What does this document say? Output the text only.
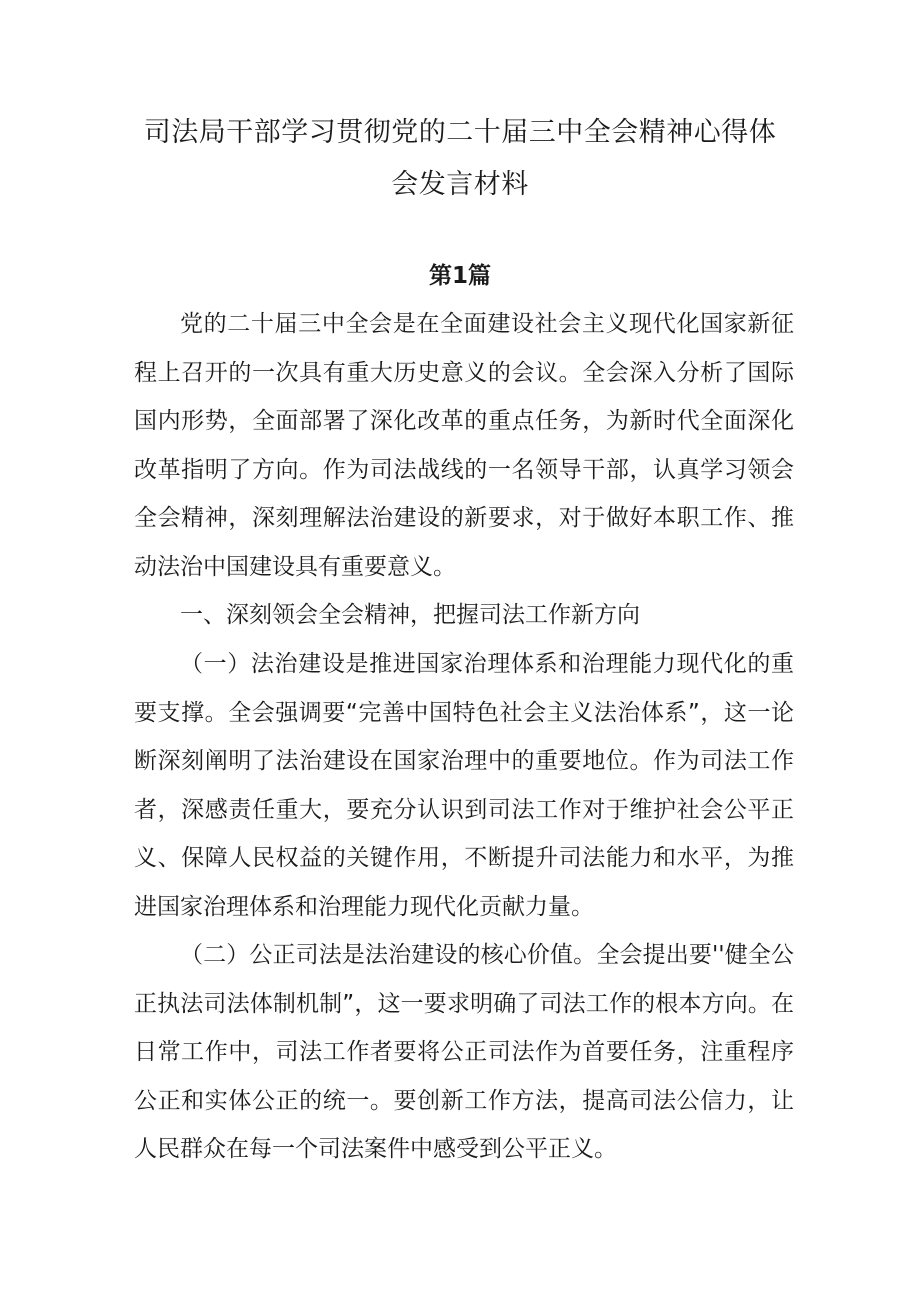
司法局干部学习贯彻党的二十届三中全会精神心得体
会发言材料
第1篇

党的二十届三中全会是在全面建设社会主义现代化国家新征程上召开的一次具有重大历史意义的会议。全会深入分析了国际国内形势，全面部署了深化改革的重点任务，为新时代全面深化改革指明了方向。作为司法战线的一名领导干部，认真学习领会全会精神，深刻理解法治建设的新要求，对于做好本职工作、推动法治中国建设具有重要意义。

一、深刻领会全会精神，把握司法工作新方向

（一）法治建设是推进国家治理体系和治理能力现代化的重要支撑。全会强调要“完善中国特色社会主义法治体系”，这一论断深刻阐明了法治建设在国家治理中的重要地位。作为司法工作者，深感责任重大，要充分认识到司法工作对于维护社会公平正义、保障人民权益的关键作用，不断提升司法能力和水平，为推进国家治理体系和治理能力现代化贡献力量。

（二）公正司法是法治建设的核心价值。全会提出要''健全公正执法司法体制机制”，这一要求明确了司法工作的根本方向。在日常工作中，司法工作者要将公正司法作为首要任务，注重程序公正和实体公正的统一。要创新工作方法，提高司法公信力，让人民群众在每一个司法案件中感受到公平正义。
